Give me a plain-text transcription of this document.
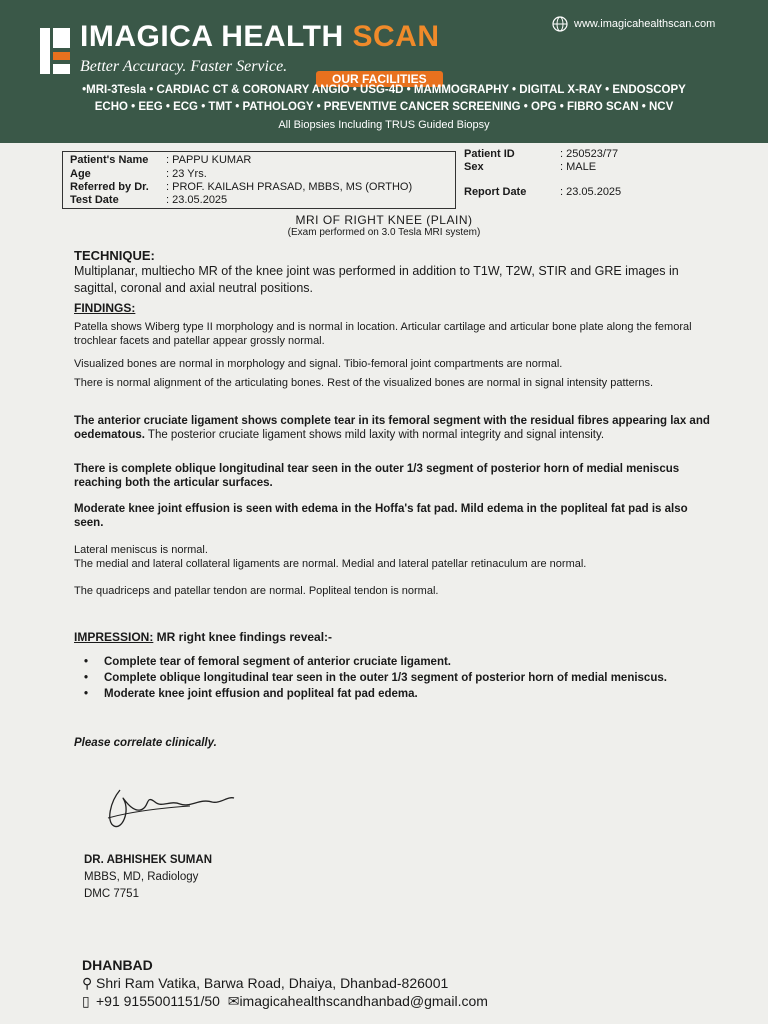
IMAGICA HEALTH SCAN
Better Accuracy. Faster Service.
www.imagicahealthscan.com
OUR FACILITIES
•MRI-3Tesla • CARDIAC CT & CORONARY ANGIO • USG-4D • MAMMOGRAPHY • DIGITAL X-RAY • ENDOSCOPY
ECHO • EEG • ECG • TMT • PATHOLOGY • PREVENTIVE CANCER SCREENING • OPG • FIBRO SCAN • NCV
All Biopsies Including TRUS Guided Biopsy
Patient's Name : PAPPU KUMAR
Age	: 23 Yrs.
Referred by Dr. : PROF. KAILASH PRASAD, MBBS, MS (ORTHO)
Test Date	: 23.05.2025
Patient ID	: 250523/77
Sex	: MALE
Report Date	: 23.05.2025
MRI OF RIGHT KNEE (PLAIN)
(Exam performed on 3.0 Tesla MRI system)
TECHNIQUE:
Multiplanar, multiecho MR of the knee joint was performed in addition to T1W, T2W, STIR and GRE images in sagittal, coronal and axial neutral positions.
FINDINGS:
Patella shows Wiberg type II morphology and is normal in location. Articular cartilage and articular bone plate along the femoral trochlear facets and patellar appear grossly normal.
Visualized bones are normal in morphology and signal. Tibio-femoral joint compartments are normal.
There is normal alignment of the articulating bones. Rest of the visualized bones are normal in signal intensity patterns.
The anterior cruciate ligament shows complete tear in its femoral segment with the residual fibres appearing lax and oedematous. The posterior cruciate ligament shows mild laxity with normal integrity and signal intensity.
There is complete oblique longitudinal tear seen in the outer 1/3 segment of posterior horn of medial meniscus reaching both the articular surfaces.
Moderate knee joint effusion is seen with edema in the Hoffa's fat pad. Mild edema in the popliteal fat pad is also seen.
Lateral meniscus is normal.
The medial and lateral collateral ligaments are normal. Medial and lateral patellar retinaculum are normal.
The quadriceps and patellar tendon are normal. Popliteal tendon is normal.
IMPRESSION: MR right knee findings reveal:-
• Complete tear of femoral segment of anterior cruciate ligament.
• Complete oblique longitudinal tear seen in the outer 1/3 segment of posterior horn of medial meniscus.
• Moderate knee joint effusion and popliteal fat pad edema.
Please correlate clinically.
DR. ABHISHEK SUMAN
MBBS, MD, Radiology
DMC 7751
DHANBAD
⚲ Shri Ram Vatika, Barwa Road, Dhaiya, Dhanbad-826001
▯ +91 9155001151/50 ✉imagicahealthscandhanbad@gmail.com
